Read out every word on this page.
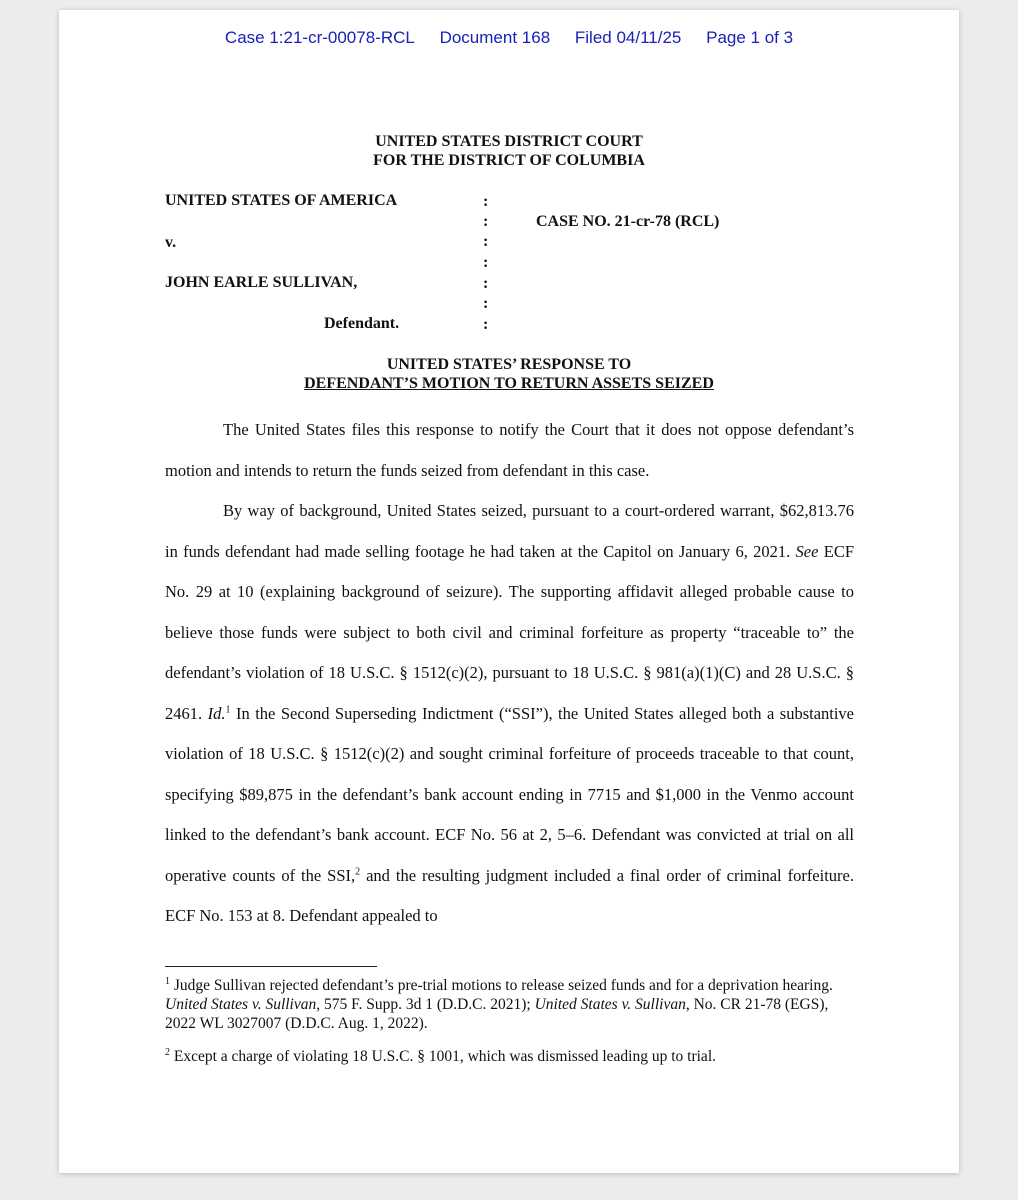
Case 1:21-cr-00078-RCL Document 168 Filed 04/11/25 Page 1 of 3
UNITED STATES DISTRICT COURT
FOR THE DISTRICT OF COLUMBIA
UNITED STATES OF AMERICA
v.
JOHN EARLE SULLIVAN,
Defendant.
CASE NO. 21-cr-78 (RCL)
:
:
:
:
:
:
:
UNITED STATES’ RESPONSE TO
DEFENDANT’S MOTION TO RETURN ASSETS SEIZED

The United States files this response to notify the Court that it does not oppose defendant’s motion and intends to return the funds seized from defendant in this case.

By way of background, United States seized, pursuant to a court-ordered warrant, $62,813.76 in funds defendant had made selling footage he had taken at the Capitol on January 6, 2021. See ECF No. 29 at 10 (explaining background of seizure). The supporting affidavit alleged probable cause to believe those funds were subject to both civil and criminal forfeiture as property “traceable to” the defendant’s violation of 18 U.S.C. § 1512(c)(2), pursuant to 18 U.S.C. § 981(a)(1)(C) and 28 U.S.C. § 2461. Id.$^1$ In the Second Superseding Indictment (“SSI”), the United States alleged both a substantive violation of 18 U.S.C. § 1512(c)(2) and sought criminal forfeiture of proceeds traceable to that count, specifying $89,875 in the defendant’s bank account ending in 7715 and $1,000 in the Venmo account linked to the defendant’s bank account. ECF No. 56 at 2, 5–6. Defendant was convicted at trial on all operative counts of the SSI,$^2$ and the resulting judgment included a final order of criminal forfeiture. ECF No. 153 at 8. Defendant appealed to

$^1$ Judge Sullivan rejected defendant’s pre-trial motions to release seized funds and for a deprivation hearing. United States v. Sullivan, 575 F. Supp. 3d 1 (D.D.C. 2021); United States v. Sullivan, No. CR 21-78 (EGS), 2022 WL 3027007 (D.D.C. Aug. 1, 2022).
$^2$ Except a charge of violating 18 U.S.C. § 1001, which was dismissed leading up to trial.
